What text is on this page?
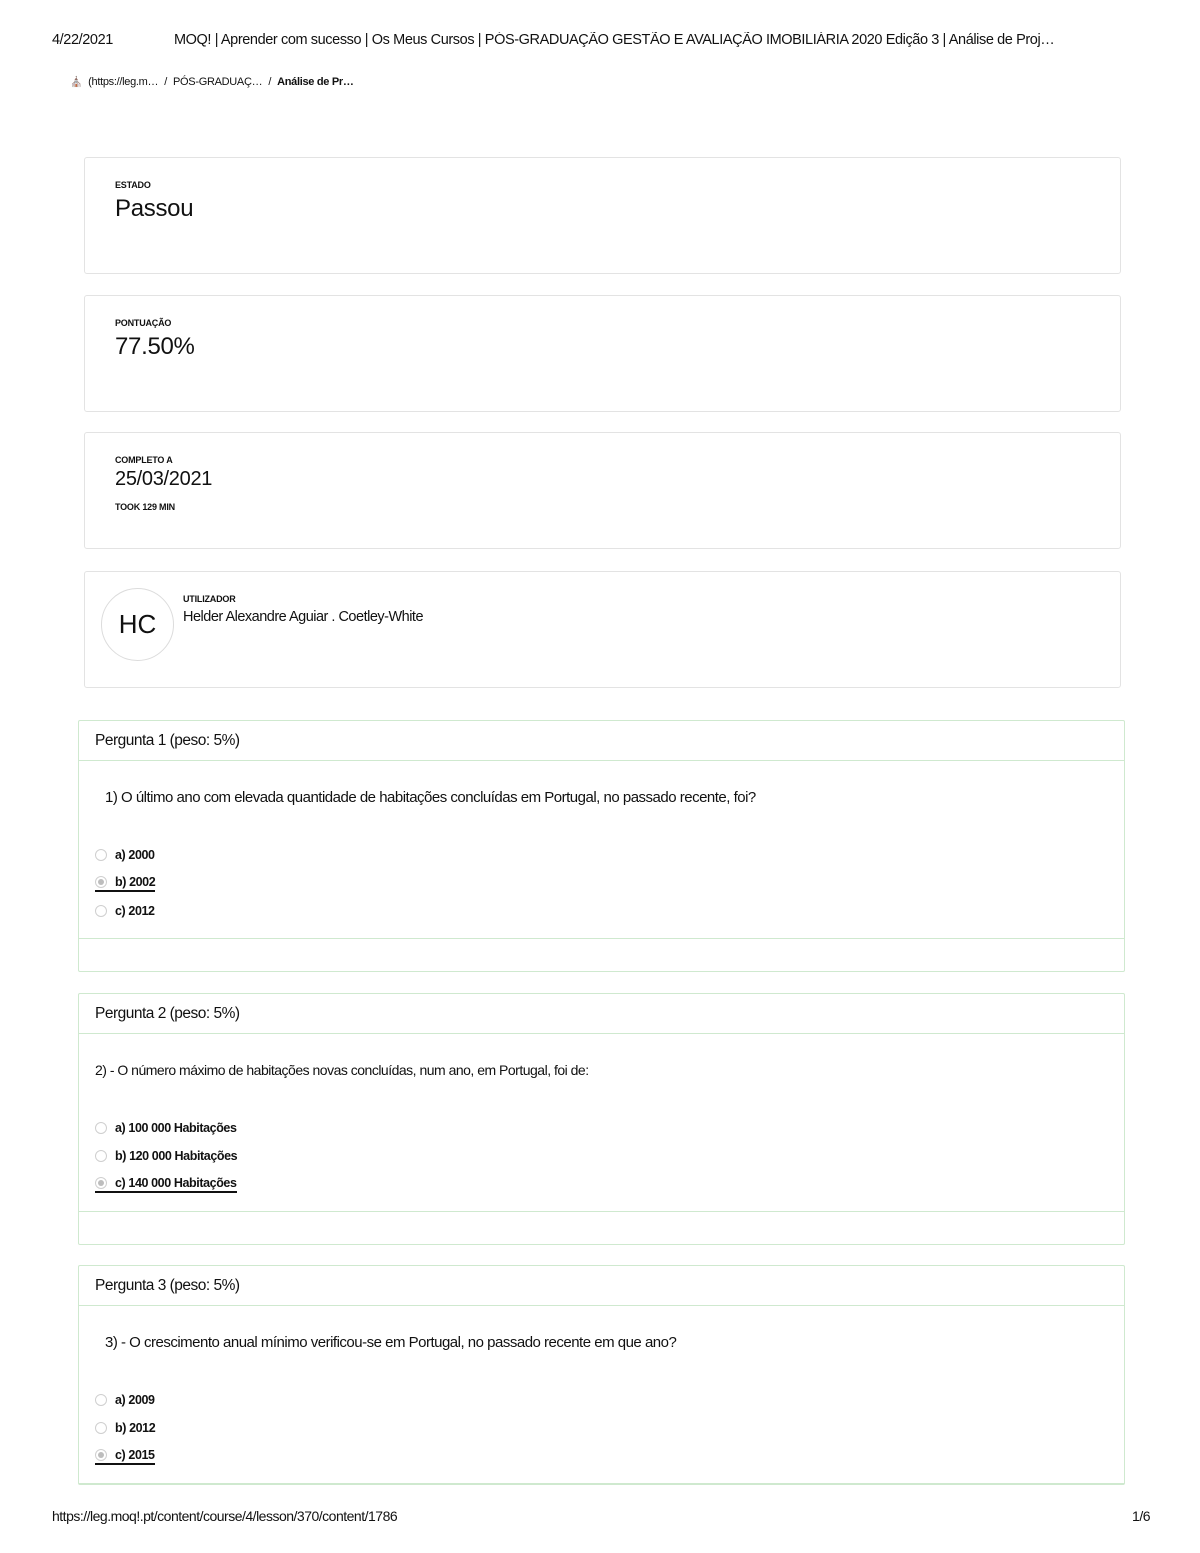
4/22/2021	MOQ! | Aprender com sucesso | Os Meus Cursos | PÓS-GRADUAÇÃO GESTÃO E AVALIAÇÃO IMOBILIÁRIA 2020 Edição 3 | Análise de Proj…
⛪ (https://leg.m… / PÓS-GRADUAÇ… / Análise de Pr…
ESTADO
Passou
PONTUAÇÃO
77.50%
COMPLETO A
25/03/2021
TOOK 129 MIN
HC
UTILIZADOR
Helder Alexandre Aguiar . Coetley-White
Pergunta 1 (peso: 5%)
1) O último ano com elevada quantidade de habitações concluídas em Portugal, no passado recente, foi?
a) 2000
b) 2002
c) 2012
Pergunta 2 (peso: 5%)
2) - O número máximo de habitações novas concluídas, num ano, em Portugal, foi de:
a) 100 000 Habitações
b) 120 000 Habitações
c) 140 000 Habitações
Pergunta 3 (peso: 5%)
3) - O crescimento anual mínimo verificou-se em Portugal, no passado recente em que ano?
a) 2009
b) 2012
c) 2015
https://leg.moq!.pt/content/course/4/lesson/370/content/1786	1/6
